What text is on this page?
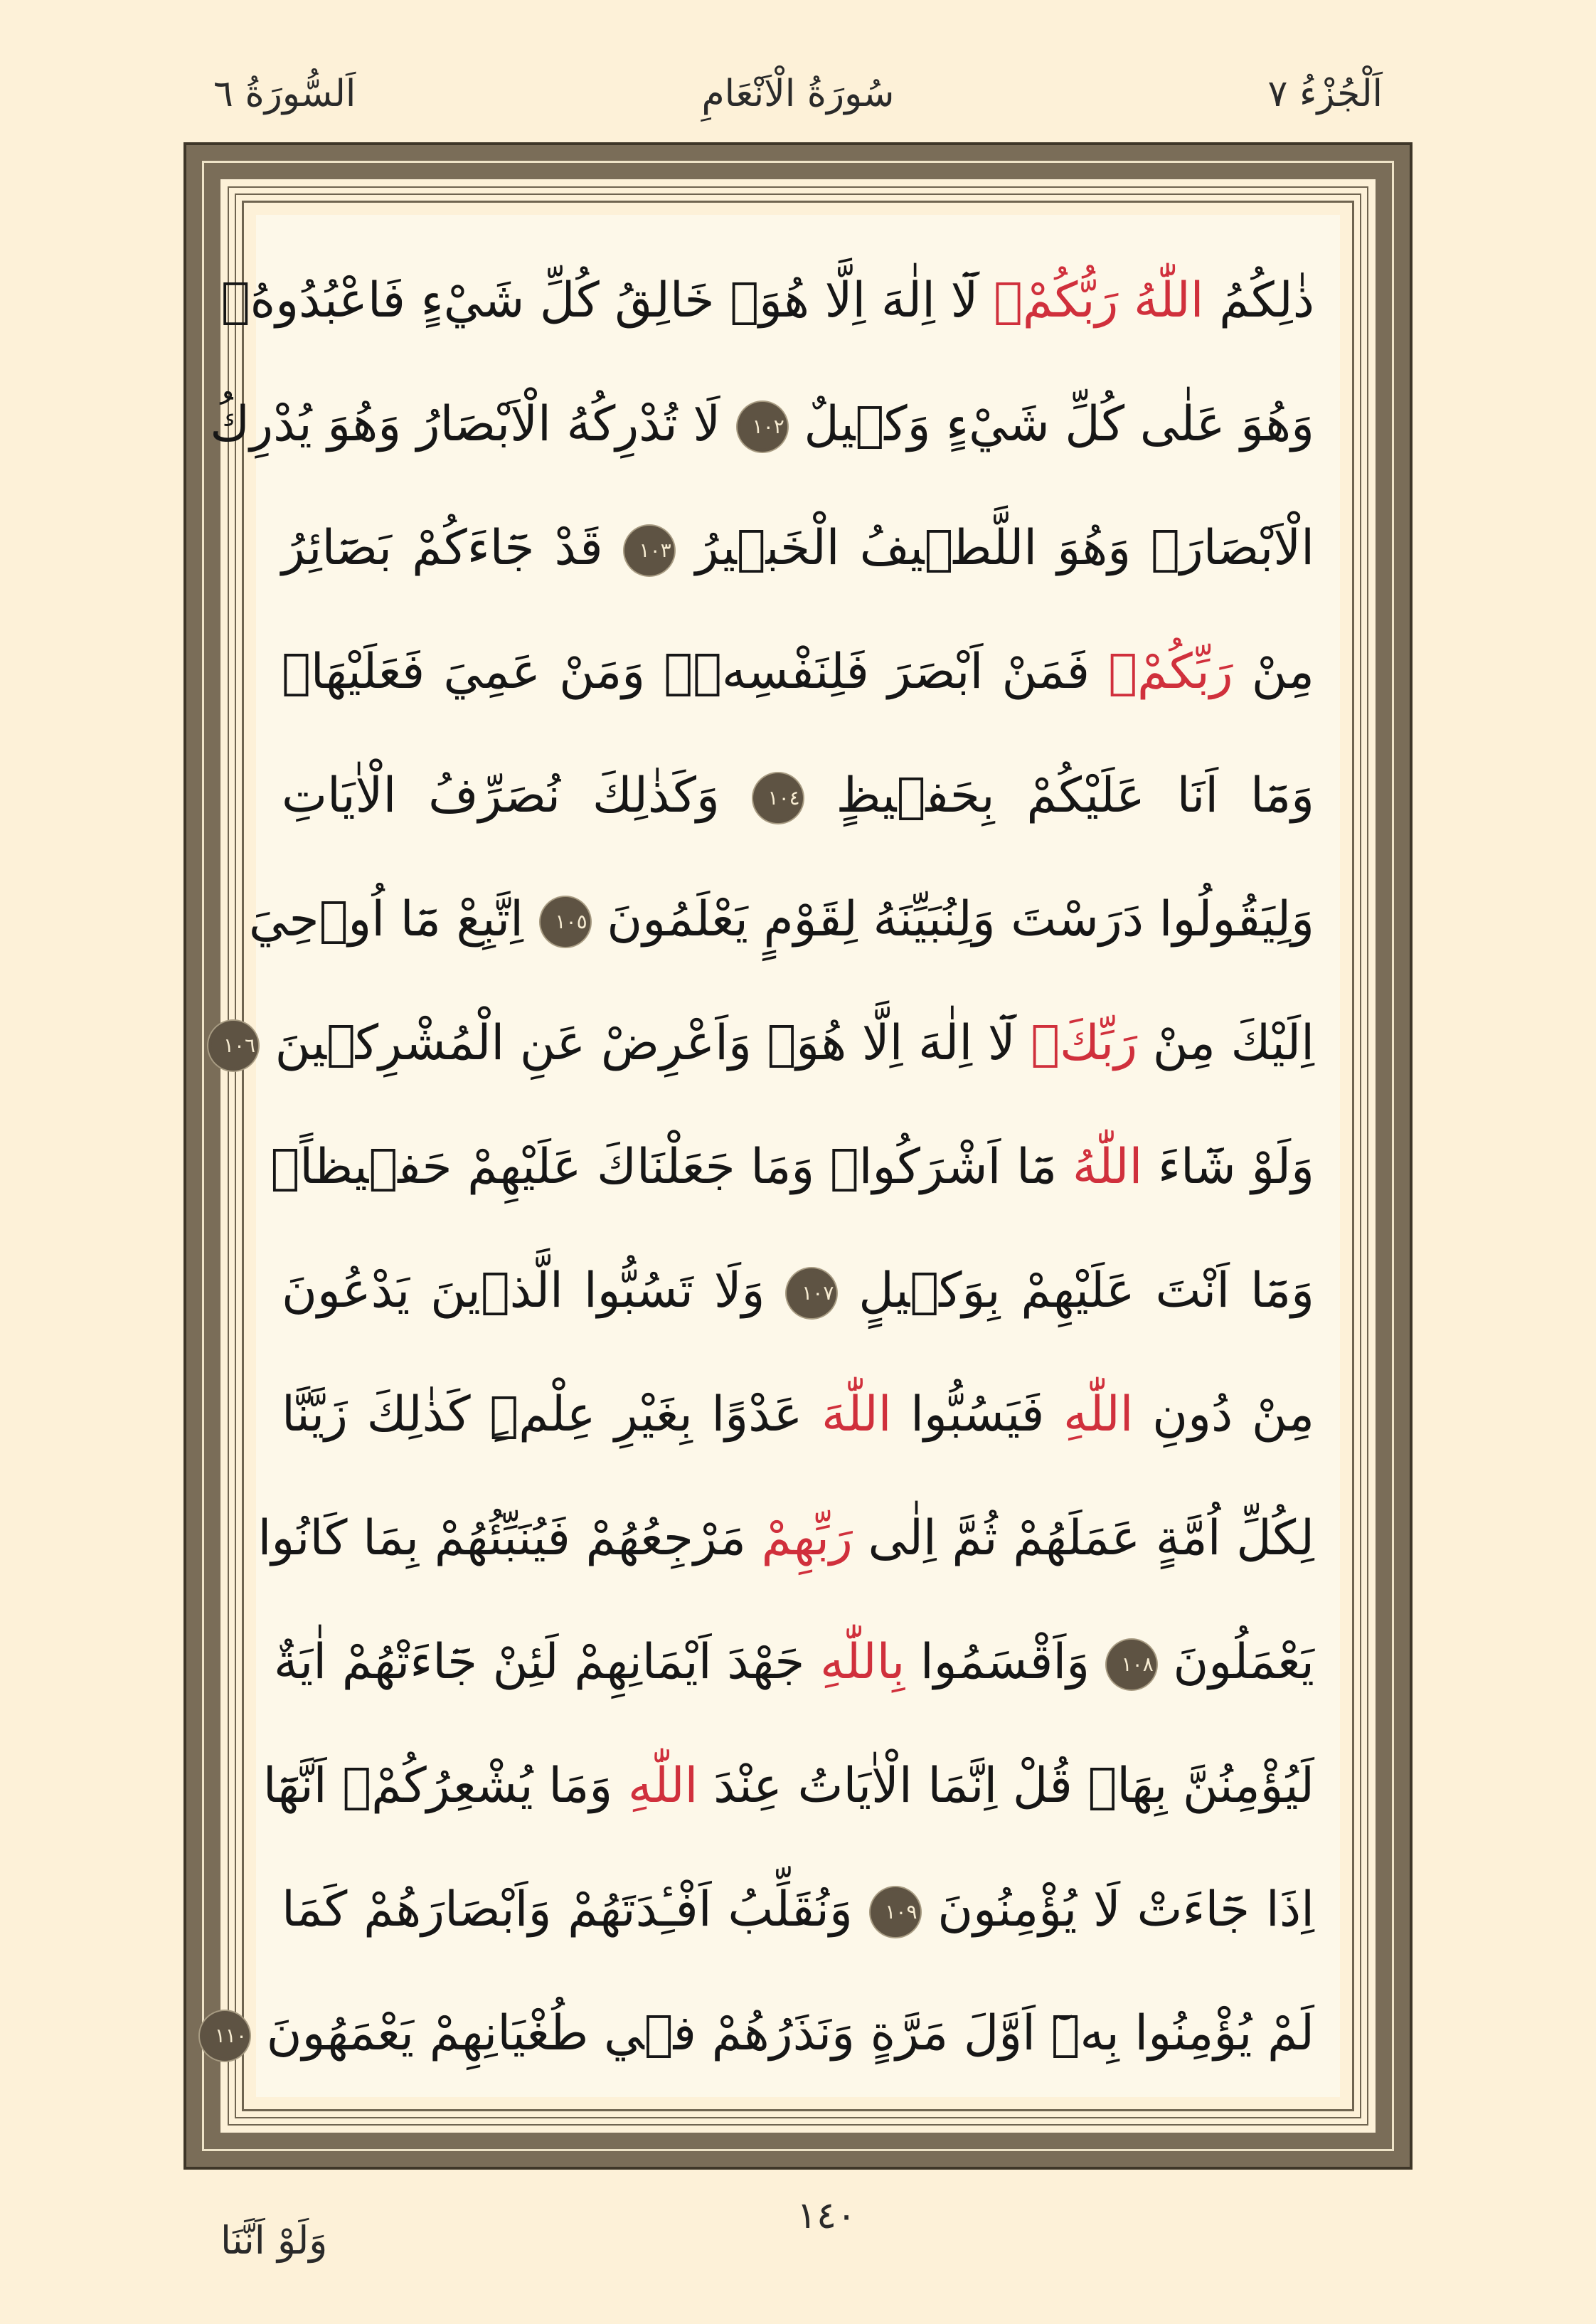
اَلْجُزْءُ ٧
سُورَةُ الْاَنْعَامِ
اَلسُّورَةُ ٦
ذٰلِكُمُ اللّٰهُ رَبُّكُمْۚ لَٓا اِلٰهَ اِلَّا هُوَۚ خَالِقُ كُلِّ شَيْءٍ فَاعْبُدُوهُۚ
وَهُوَ عَلٰى كُلِّ شَيْءٍ وَكٖيلٌ ١٠٢ لَا تُدْرِكُهُ الْاَبْصَارُ وَهُوَ يُدْرِكُ
الْاَبْصَارَۚ وَهُوَ اللَّطٖيفُ الْخَبٖيرُ ١٠٣ قَدْ جَٓاءَكُمْ بَصَٓائِرُ
مِنْ رَبِّكُمْۚ فَمَنْ اَبْصَرَ فَلِنَفْسِهٖۚ وَمَنْ عَمِيَ فَعَلَيْهَاۜ
وَمَٓا اَنَا عَلَيْكُمْ بِحَفٖيظٍ ١٠٤ وَكَذٰلِكَ نُصَرِّفُ الْاٰيَاتِ
وَلِيَقُولُوا دَرَسْتَ وَلِنُبَيِّنَهُ لِقَوْمٍ يَعْلَمُونَ ١٠٥ اِتَّبِعْ مَٓا اُو۫حِيَ
اِلَيْكَ مِنْ رَبِّكَۚ لَٓا اِلٰهَ اِلَّا هُوَۚ وَاَعْرِضْ عَنِ الْمُشْرِكٖينَ ١٠٦
وَلَوْ شَٓاءَ اللّٰهُ مَٓا اَشْرَكُواۜ وَمَا جَعَلْنَاكَ عَلَيْهِمْ حَفٖيظاًۚ
وَمَٓا اَنْتَ عَلَيْهِمْ بِوَكٖيلٍ ١٠٧ وَلَا تَسُبُّوا الَّذٖينَ يَدْعُونَ
مِنْ دُونِ اللّٰهِ فَيَسُبُّوا اللّٰهَ عَدْوًا بِغَيْرِ عِلْمٍۜ كَذٰلِكَ زَيَّنَّا
لِكُلِّ اُمَّةٍ عَمَلَهُمْ ثُمَّ اِلٰى رَبِّهِمْ مَرْجِعُهُمْ فَيُنَبِّئُهُمْ بِمَا كَانُوا
يَعْمَلُونَ ١٠٨ وَاَقْسَمُوا بِاللّٰهِ جَهْدَ اَيْمَانِهِمْ لَئِنْ جَٓاءَتْهُمْ اٰيَةٌ
لَيُؤْمِنُنَّ بِهَاۜ قُلْ اِنَّمَا الْاٰيَاتُ عِنْدَ اللّٰهِ وَمَا يُشْعِرُكُمْۙ اَنَّهَٓا
اِذَا جَٓاءَتْ لَا يُؤْمِنُونَ ١٠٩ وَنُقَلِّبُ اَفْـِٔدَتَهُمْ وَاَبْصَارَهُمْ كَمَا
لَمْ يُؤْمِنُوا بِهٖٓ اَوَّلَ مَرَّةٍ وَنَذَرُهُمْ فٖي طُغْيَانِهِمْ يَعْمَهُونَ ١١٠
١٤٠
وَلَوْ اَنَّنَا
